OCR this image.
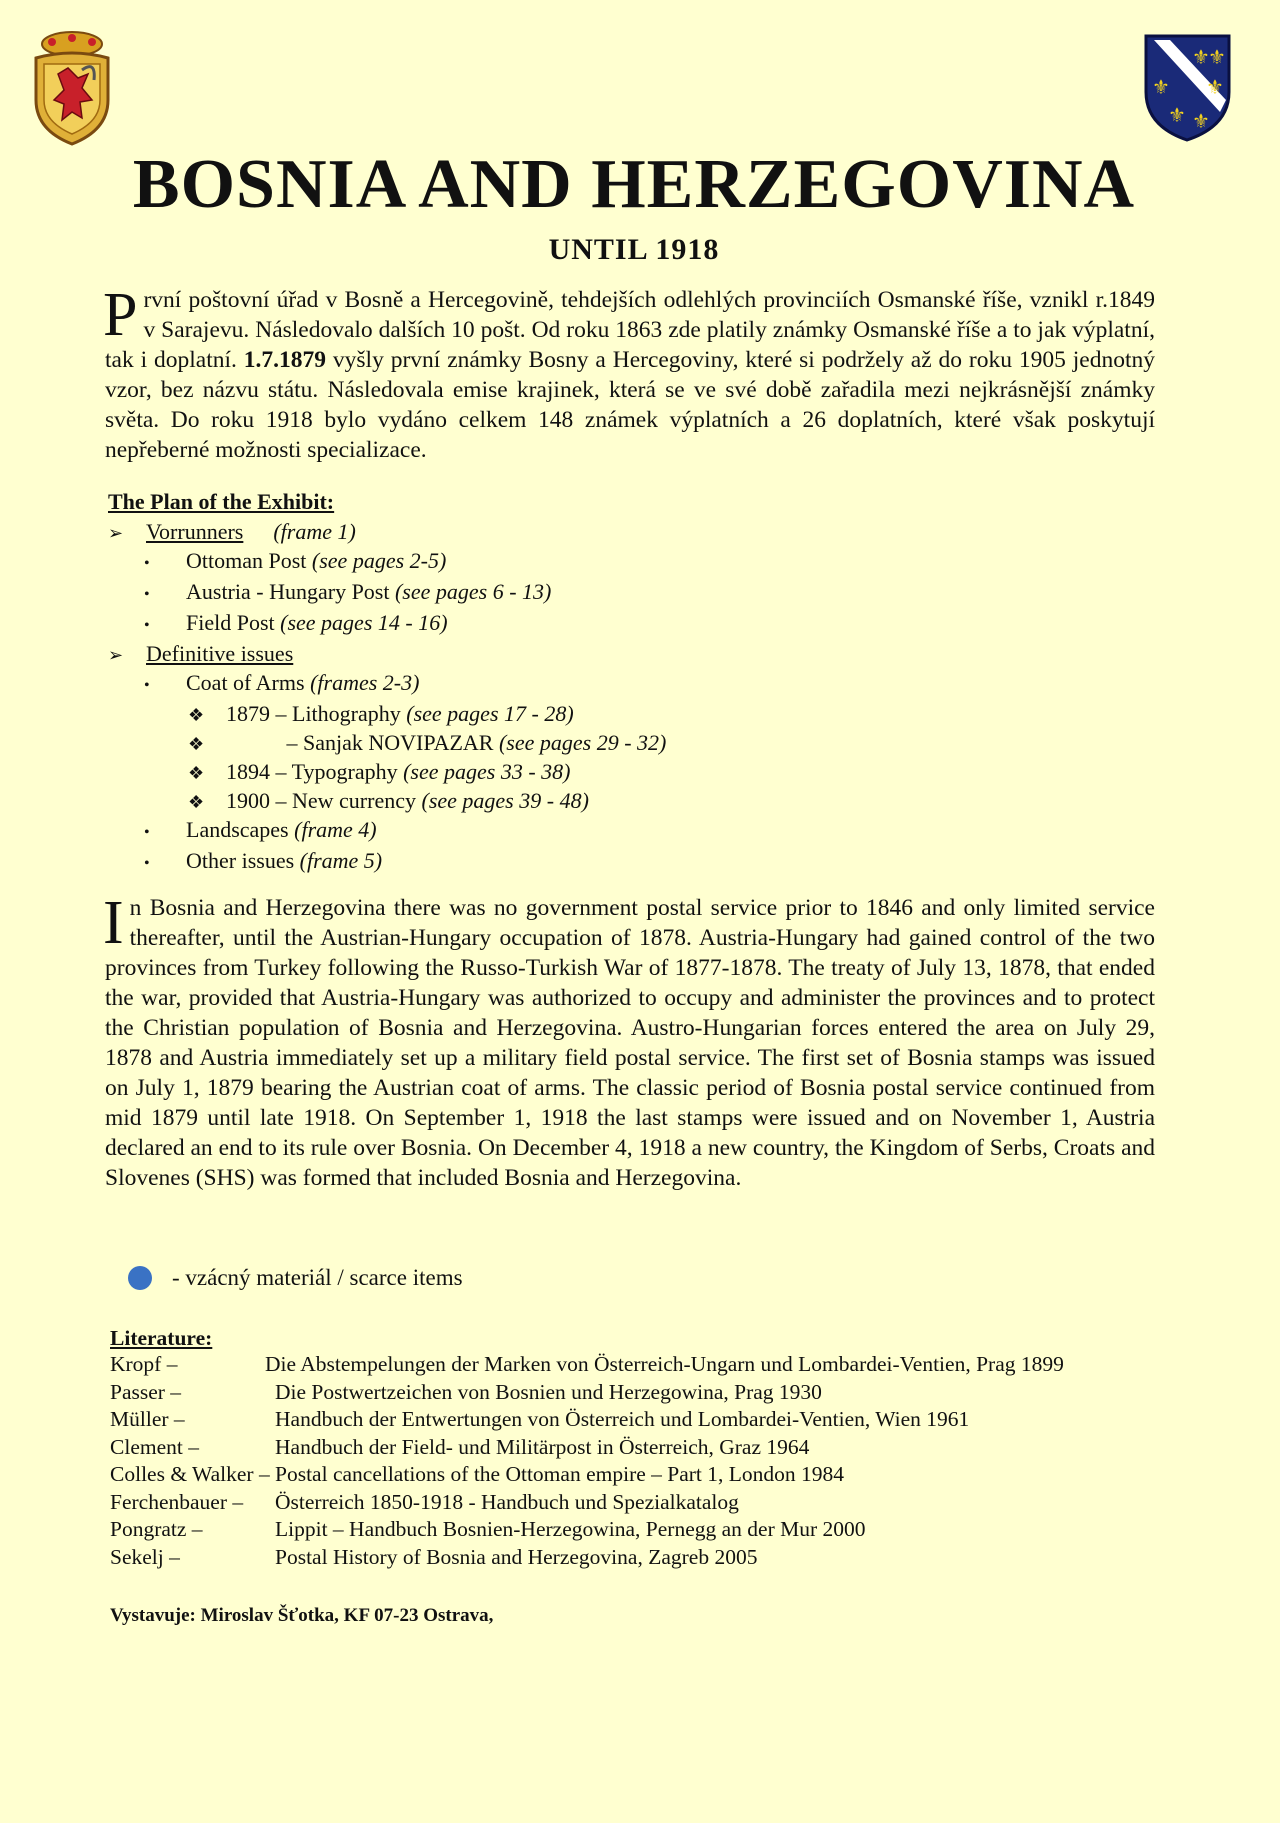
⚜
⚜
⚜ ⚜
⚜ ⚜
BOSNIA AND HERZEGOVINA
UNTIL 1918

První poštovní úřad v Bosně a Hercegovině, tehdejších odlehlých provinciích Osmanské říše, vznikl r.1849 v Sarajevu. Následovalo dalších 10 pošt. Od roku 1863 zde platily známky Osmanské říše a to jak výplatní, tak i doplatní. 1.7.1879 vyšly první známky Bosny a Hercegoviny, které si podržely až do roku 1905 jednotný vzor, bez názvu státu. Následovala emise krajinek, která se ve své době zařadila mezi nejkrásnější známky světa. Do roku 1918 bylo vydáno celkem 148 známek výplatních a 26 doplatních, které však poskytují nepřeberné možnosti specializace.

The Plan of the Exhibit:

➢ Vorrunners (frame 1)
• Ottoman Post (see pages 2-5)
• Austria - Hungary Post (see pages 6 - 13)
• Field Post (see pages 14 - 16)
➢ Definitive issues
• Coat of Arms (frames 2-3)
❖ 1879 – Lithography (see pages 17 - 28)
❖           – Sanjak NOVIPAZAR (see pages 29 - 32)
❖ 1894 – Typography (see pages 33 - 38)
❖ 1900 – New currency (see pages 39 - 48)
• Landscapes (frame 4)
• Other issues (frame 5)

In Bosnia and Herzegovina there was no government postal service prior to 1846 and only limited service thereafter, until the Austrian-Hungary occupation of 1878. Austria-Hungary had gained control of the two provinces from Turkey following the Russo-Turkish War of 1877-1878. The treaty of July 13, 1878, that ended the war, provided that Austria-Hungary was authorized to occupy and administer the provinces and to protect the Christian population of Bosnia and Herzegovina. Austro-Hungarian forces entered the area on July 29, 1878 and Austria immediately set up a military field postal service. The first set of Bosnia stamps was issued on July 1, 1879 bearing the Austrian coat of arms. The classic period of Bosnia postal service continued from mid 1879 until late 1918. On September 1, 1918 the last stamps were issued and on November 1, Austria declared an end to its rule over Bosnia. On December 4, 1918 a new country, the Kingdom of Serbs, Croats and Slovenes (SHS) was formed that included Bosnia and Herzegovina.

- vzácný materiál / scarce items

Literature:

Kropf –	Die Abstempelungen der Marken von Österreich-Ungarn und Lombardei-Ventien, Prag 1899
Passer –	Die Postwertzeichen von Bosnien und Herzegowina, Prag 1930
Müller –	Handbuch der Entwertungen von Österreich und Lombardei-Ventien, Wien 1961
Clement –	Handbuch der Field- und Militärpost in Österreich, Graz 1964
Colles & Walker – Postal cancellations of the Ottoman empire – Part 1, London 1984
Ferchenbauer –	Österreich 1850-1918 - Handbuch und Spezialkatalog
Pongratz –	Lippit – Handbuch Bosnien-Herzegowina, Pernegg an der Mur 2000
Sekelj –	Postal History of Bosnia and Herzegovina, Zagreb 2005

Vystavuje: Miroslav Šťotka, KF 07-23 Ostrava,
